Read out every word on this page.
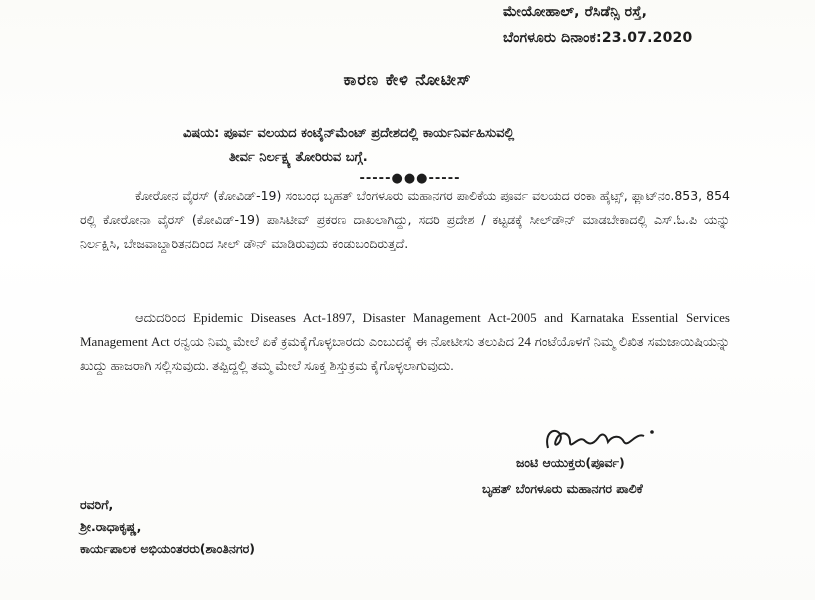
ಮೇಯೋಹಾಲ್, ರೆಸಿಡೆನ್ಸಿ ರಸ್ತೆ,
ಬೆಂಗಳೂರು ದಿನಾಂಕ:23.07.2020
ಕಾರಣ ಕೇಳಿ ನೋಟೀಸ್
ವಿಷಯ: ಪೂರ್ವ ವಲಯದ ಕಂಟೈನ್‌ಮೆಂಟ್ ಪ್ರದೇಶದಲ್ಲಿ ಕಾರ್ಯನಿರ್ವಹಿಸುವಲ್ಲಿ
ತೀರ್ವ ನಿರ್ಲಕ್ಷ್ಯ ತೋರಿರುವ ಬಗ್ಗೆ.
-----●●●-----
ಕೋರೋನ ವೈರಸ್ (ಕೋವಿಡ್-19) ಸಂಬಂಧ ಬೃಹತ್ ಬೆಂಗಳೂರು ಮಹಾನಗರ ಪಾಲಿಕೆಯ ಪೂರ್ವ ವಲಯದ ರಂಕಾ ಹೈಟ್ಸ್, ಫ್ಲಾಟ್‌ನಂ.853, 854 ರಲ್ಲಿ ಕೋರೋನಾ ವೈರಸ್ (ಕೋವಿಡ್-19) ಪಾಸಿಟೀವ್ ಪ್ರಕರಣ ದಾಖಲಾಗಿದ್ದು, ಸದರಿ ಪ್ರದೇಶ / ಕಟ್ಟಡಕ್ಕೆ ಸೀಲ್‌ಡೌನ್ ಮಾಡಬೇಕಾದಲ್ಲಿ ಎಸ್.ಓ.ಪಿ ಯನ್ನು ನಿರ್ಲಕ್ಷಿಸಿ, ಬೇಜವಾಬ್ದಾರಿತನದಿಂದ ಸೀಲ್ ಡೌನ್ ಮಾಡಿರುವುದು ಕಂಡುಬಂದಿರುತ್ತದೆ.
ಆದುದರಿಂದ Epidemic Diseases Act-1897, Disaster Management Act-2005 and Karnataka Essential Services Management Act ರನ್ವಯ ನಿಮ್ಮ ಮೇಲೆ ಏಕೆ ಕ್ರಮಕೈಗೊಳ್ಳಬಾರದು ಎಂಬುದಕ್ಕೆ ಈ ನೋಟೀಸು ತಲುಪಿದ 24 ಗಂಟೆಯೊಳಗೆ ನಿಮ್ಮ ಲಿಖಿತ ಸಮಜಾಯಿಷಿಯನ್ನು ಖುದ್ದು ಹಾಜರಾಗಿ ಸಲ್ಲಿಸುವುದು. ತಪ್ಪಿದ್ದಲ್ಲಿ ತಮ್ಮ ಮೇಲೆ ಸೂಕ್ತ ಶಿಸ್ತುಕ್ರಮ ಕೈಗೊಳ್ಳಲಾಗುವುದು.
ಜಂಟಿ ಆಯುಕ್ತರು(ಪೂರ್ವ)
ಬೃಹತ್ ಬೆಂಗಳೂರು ಮಹಾನಗರ ಪಾಲಿಕೆ
ರವರಿಗೆ,
ಶ್ರೀ.ರಾಧಾಕೃಷ್ಣ,
ಕಾರ್ಯಪಾಲಕ ಅಭಿಯಂತರರು(ಶಾಂತಿನಗರ)
